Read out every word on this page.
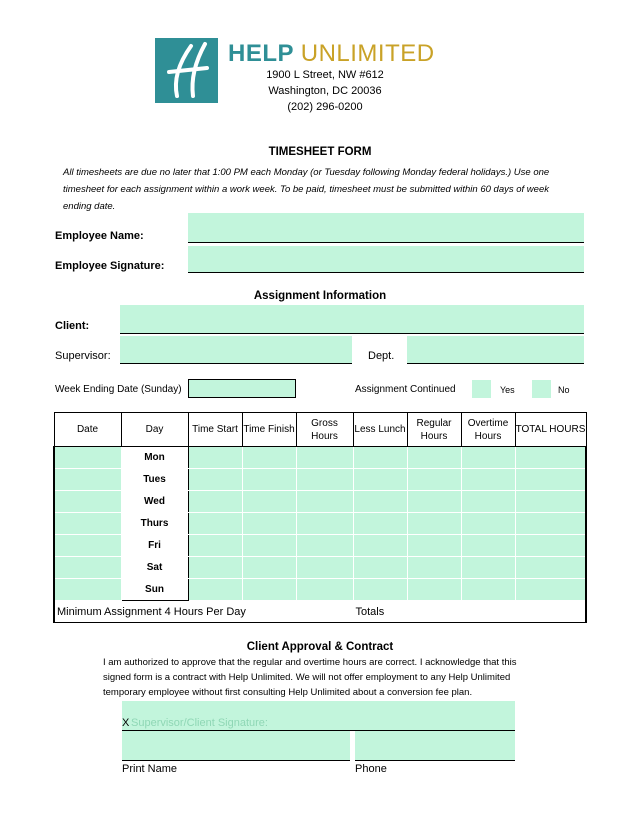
HELP UNLIMITED
1900 L Street, NW #612
Washington, DC 20036
(202) 296-0200
TIMESHEET FORM
All timesheets are due no later that 1:00 PM each Monday (or Tuesday following Monday federal holidays.) Use one timesheet for each assignment within a work week. To be paid, timesheet must be submitted within 60 days of week ending date.
Employee Name:
Employee Signature:
Assignment Information
Client:
Supervisor:	Dept.
Week Ending Date (Sunday)	Assignment Continued	Yes	No
Date	Day	Time Start	Time Finish	Gross Hours	Less Lunch	Regular Hours	Overtime Hours	TOTAL HOURS
	Mon							
	Tues							
	Wed							
	Thurs							
	Fri							
	Sat							
	Sun							
Minimum Assignment 4 Hours Per Day					Totals			
Client Approval & Contract
I am authorized to approve that the regular and overtime hours are correct. I acknowledge that this signed form is a contract with Help Unlimited. We will not offer employment to any Help Unlimited temporary employee without first consulting Help Unlimited about a conversion fee plan.
X Supervisor/Client Signature:
Print Name	Phone
